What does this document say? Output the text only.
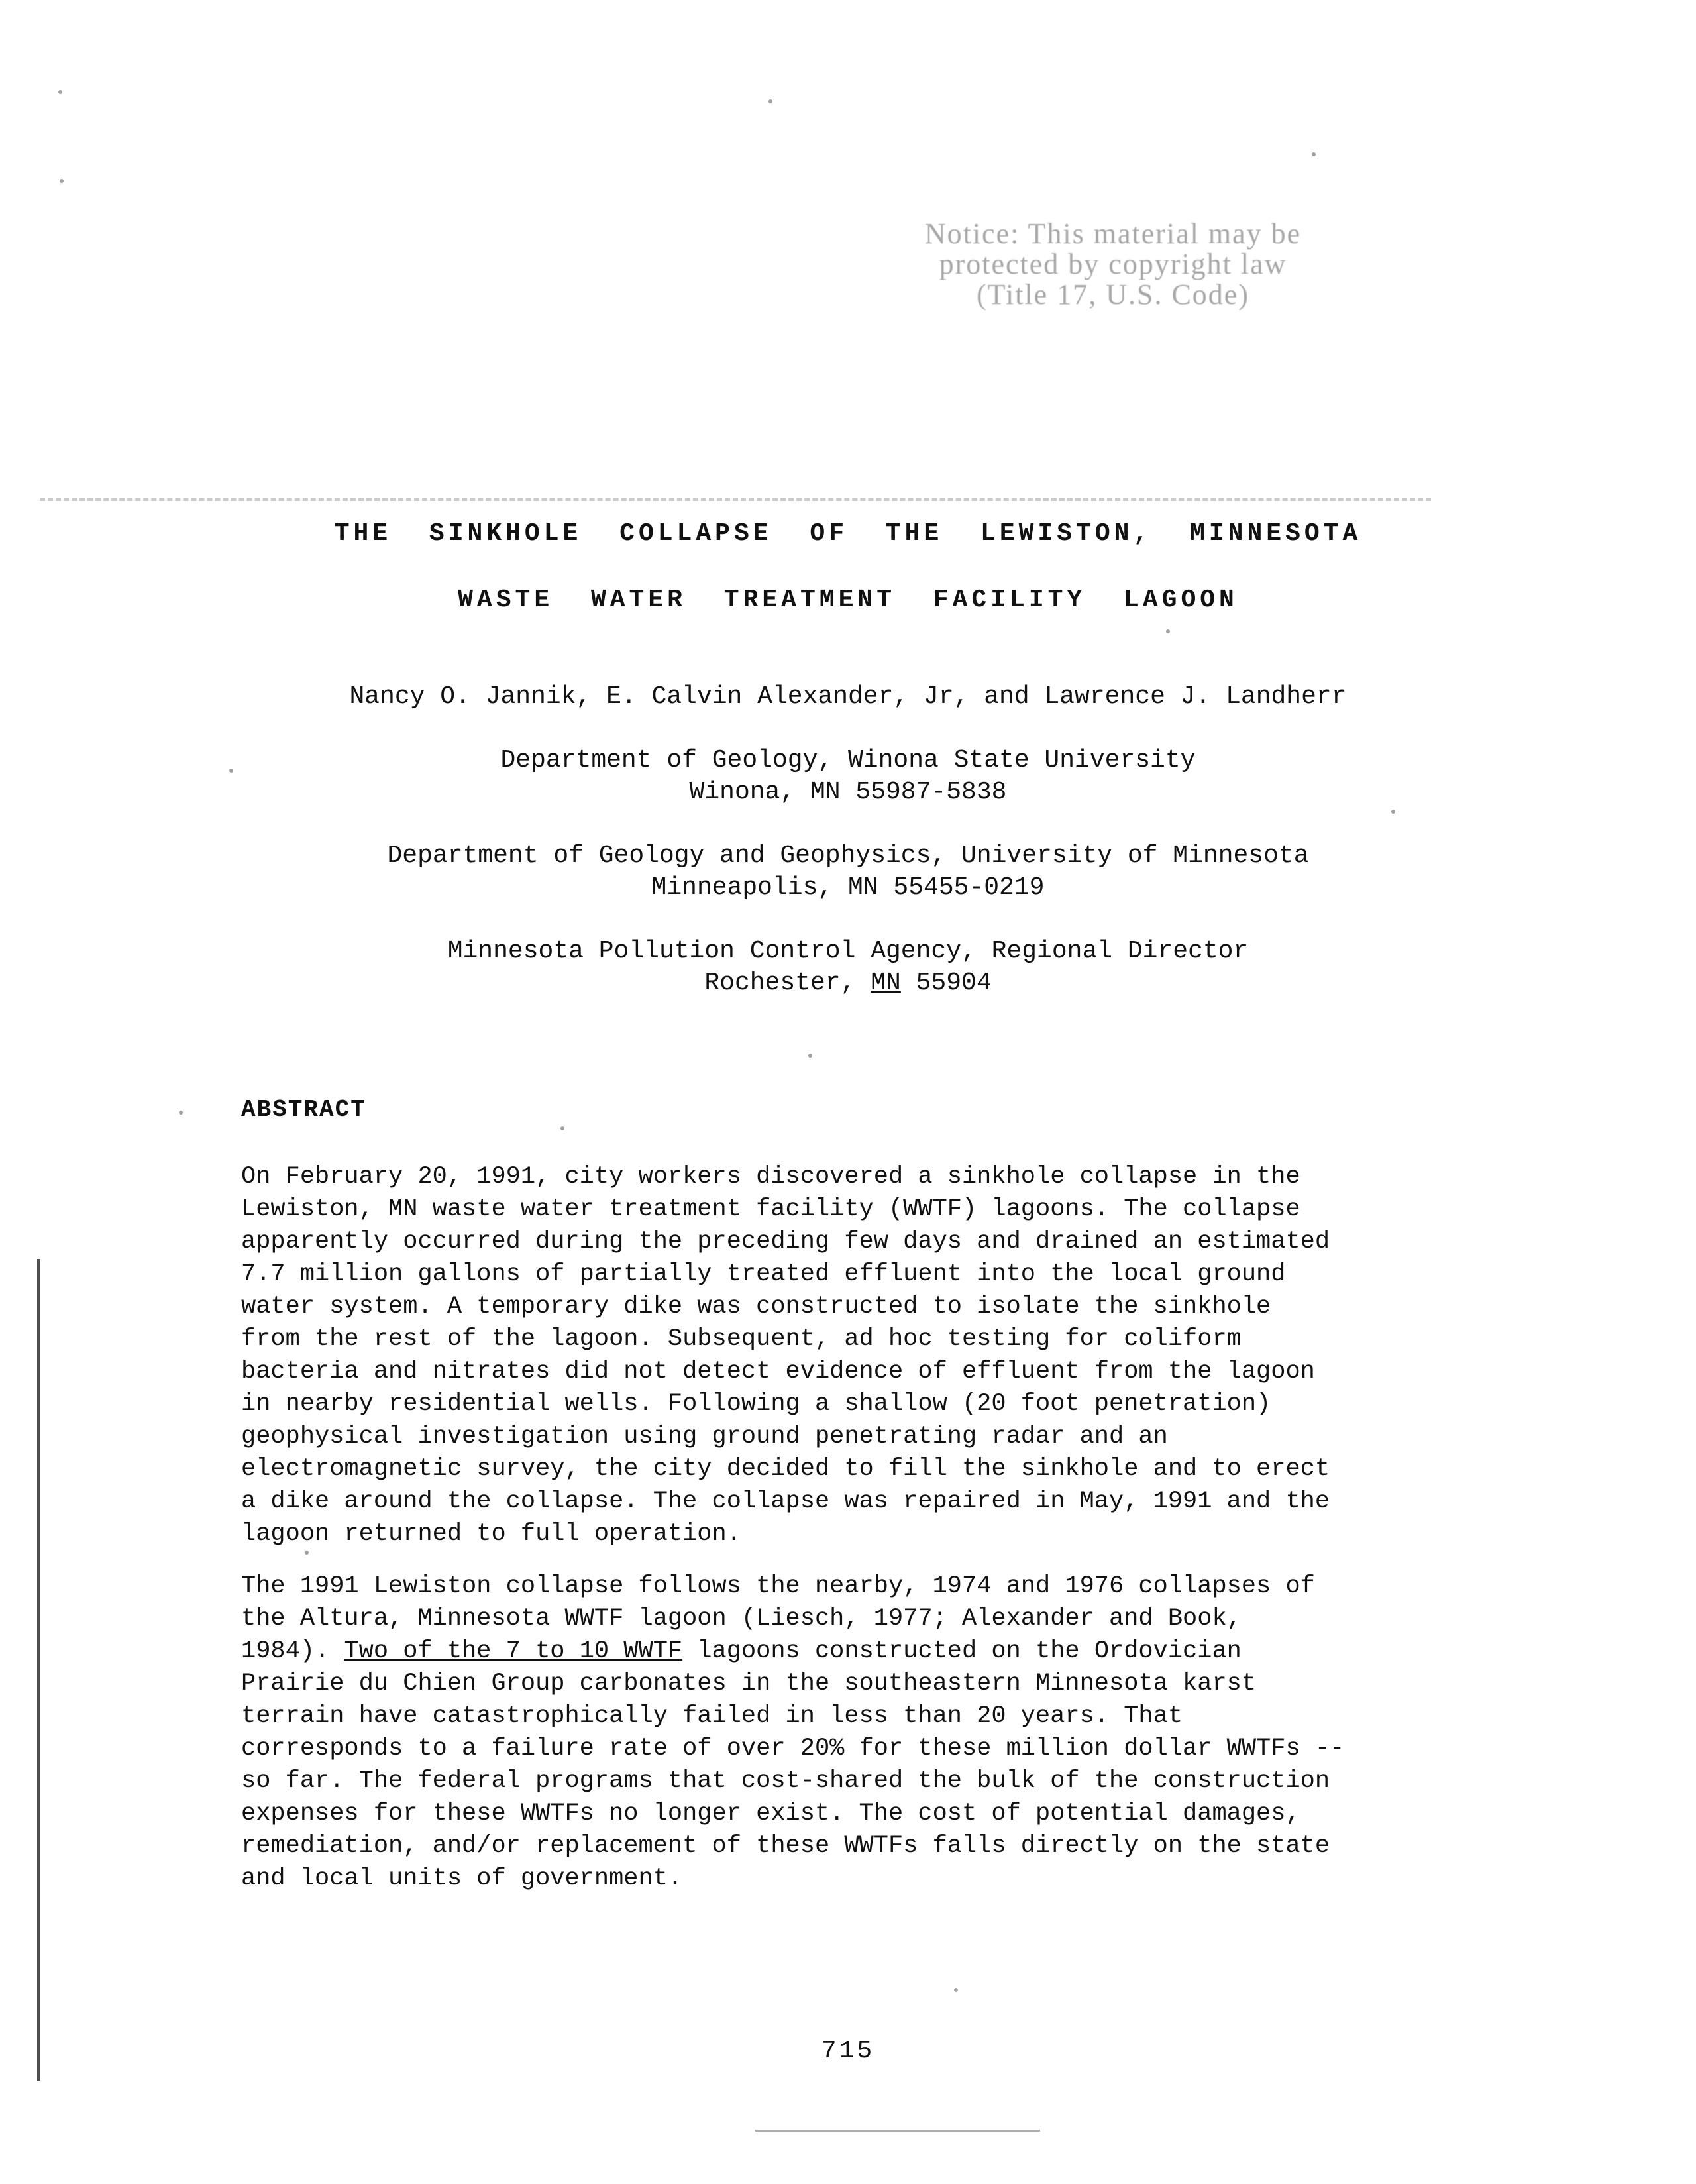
Notice: This material may be
protected by copyright law
(Title 17, U.S. Code)
THE SINKHOLE COLLAPSE OF THE LEWISTON, MINNESOTA
WASTE WATER TREATMENT FACILITY LAGOON
Nancy O. Jannik, E. Calvin Alexander, Jr, and Lawrence J. Landherr
Department of Geology, Winona State University
Winona, MN 55987-5838
Department of Geology and Geophysics, University of Minnesota
Minneapolis, MN 55455-0219
Minnesota Pollution Control Agency, Regional Director
Rochester, MN 55904
ABSTRACT
On February 20, 1991, city workers discovered a sinkhole collapse in the
Lewiston, MN waste water treatment facility (WWTF) lagoons. The collapse
apparently occurred during the preceding few days and drained an estimated
7.7 million gallons of partially treated effluent into the local ground
water system. A temporary dike was constructed to isolate the sinkhole
from the rest of the lagoon. Subsequent, ad hoc testing for coliform
bacteria and nitrates did not detect evidence of effluent from the lagoon
in nearby residential wells. Following a shallow (20 foot penetration)
geophysical investigation using ground penetrating radar and an
electromagnetic survey, the city decided to fill the sinkhole and to erect
a dike around the collapse. The collapse was repaired in May, 1991 and the
lagoon returned to full operation.
The 1991 Lewiston collapse follows the nearby, 1974 and 1976 collapses of
the Altura, Minnesota WWTF lagoon (Liesch, 1977; Alexander and Book,
1984). Two of the 7 to 10 WWTF lagoons constructed on the Ordovician
Prairie du Chien Group carbonates in the southeastern Minnesota karst
terrain have catastrophically failed in less than 20 years. That
corresponds to a failure rate of over 20% for these million dollar WWTFs --
so far. The federal programs that cost-shared the bulk of the construction
expenses for these WWTFs no longer exist. The cost of potential damages,
remediation, and/or replacement of these WWTFs falls directly on the state
and local units of government.
715
